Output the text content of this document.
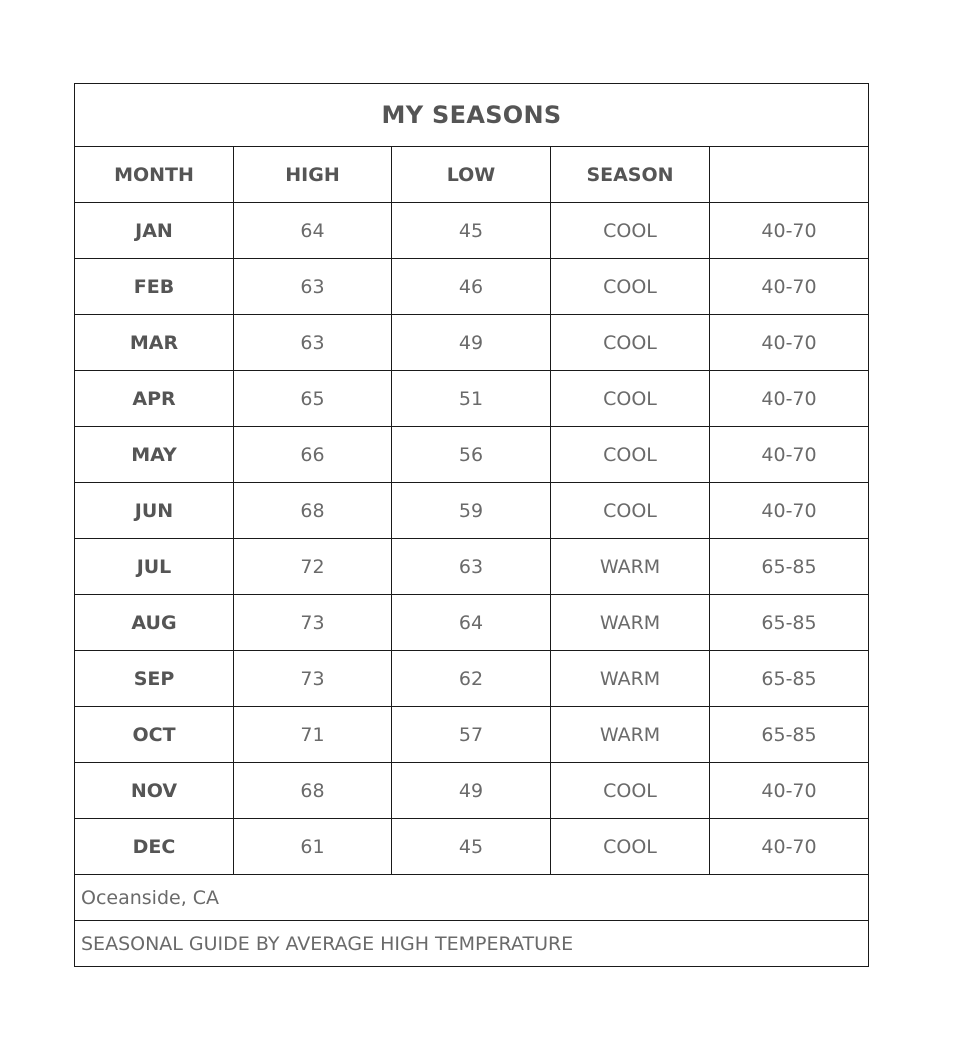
MY SEASONS				
MONTH	HIGH	LOW	SEASON	
JAN	64	45	COOL	40-70
FEB	63	46	COOL	40-70
MAR	63	49	COOL	40-70
APR	65	51	COOL	40-70
MAY	66	56	COOL	40-70
JUN	68	59	COOL	40-70
JUL	72	63	WARM	65-85
AUG	73	64	WARM	65-85
SEP	73	62	WARM	65-85
OCT	71	57	WARM	65-85
NOV	68	49	COOL	40-70
DEC	61	45	COOL	40-70
Oceanside, CA				
SEASONAL GUIDE BY AVERAGE HIGH TEMPERATURE				
